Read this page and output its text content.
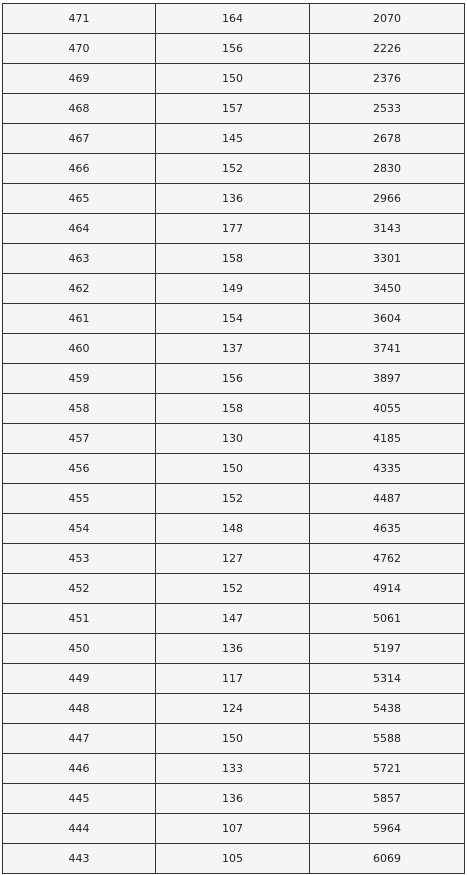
471	164	2070
470	156	2226
469	150	2376
468	157	2533
467	145	2678
466	152	2830
465	136	2966
464	177	3143
463	158	3301
462	149	3450
461	154	3604
460	137	3741
459	156	3897
458	158	4055
457	130	4185
456	150	4335
455	152	4487
454	148	4635
453	127	4762
452	152	4914
451	147	5061
450	136	5197
449	117	5314
448	124	5438
447	150	5588
446	133	5721
445	136	5857
444	107	5964
443	105	6069
